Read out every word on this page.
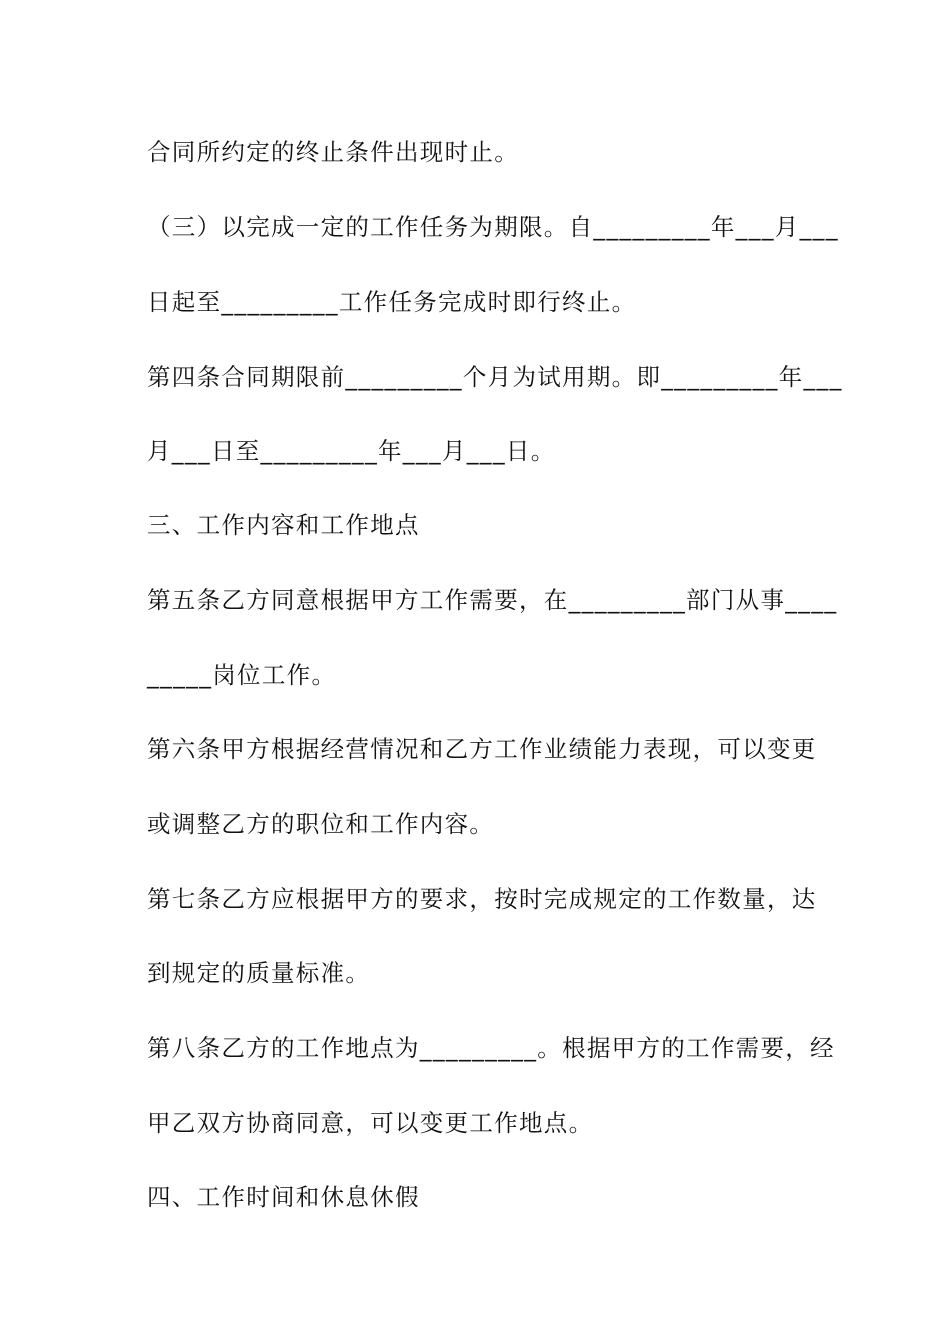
合同所约定的终止条件出现时止。
（三）以完成一定的工作任务为期限。自_________年___月___
日起至_________工作任务完成时即行终止。
第四条合同期限前_________个月为试用期。即_________年___
月___日至_________年___月___日。
三、工作内容和工作地点
第五条乙方同意根据甲方工作需要，在_________部门从事____
_____岗位工作。
第六条甲方根据经营情况和乙方工作业绩能力表现，可以变更
或调整乙方的职位和工作内容。
第七条乙方应根据甲方的要求，按时完成规定的工作数量，达
到规定的质量标准。
第八条乙方的工作地点为_________。根据甲方的工作需要，经
甲乙双方协商同意，可以变更工作地点。
四、工作时间和休息休假
